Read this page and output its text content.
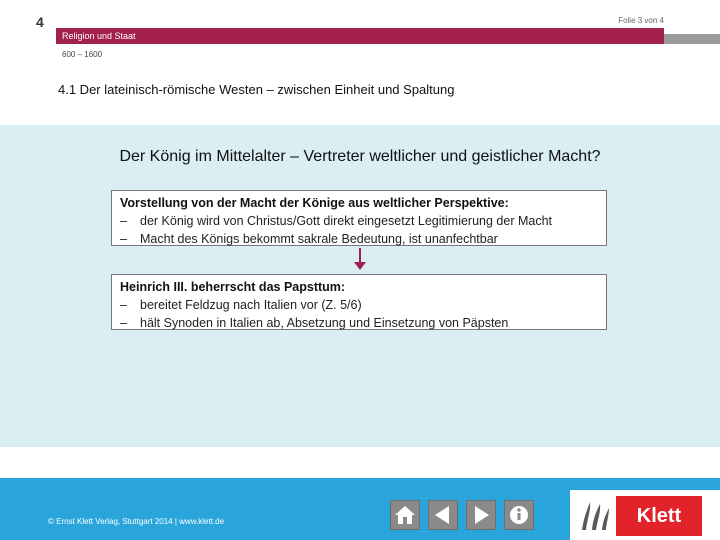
4	Folie 3 von 4
Religion und Staat
600 – 1600
4.1 Der lateinisch-römische Westen – zwischen Einheit und Spaltung
Der König im Mittelalter – Vertreter weltlicher und geistlicher Macht?
Vorstellung von der Macht der Könige aus weltlicher Perspektive:
– der König wird von Christus/Gott direkt eingesetzt Legitimierung der Macht
– Macht des Königs bekommt sakrale Bedeutung, ist unanfechtbar
Heinrich III. beherrscht das Papsttum:
– bereitet Feldzug nach Italien vor (Z. 5/6)
– hält Synoden in Italien ab, Absetzung und Einsetzung von Päpsten
© Ernst Klett Verlag, Stuttgart 2014 | www.klett.de	Klett
